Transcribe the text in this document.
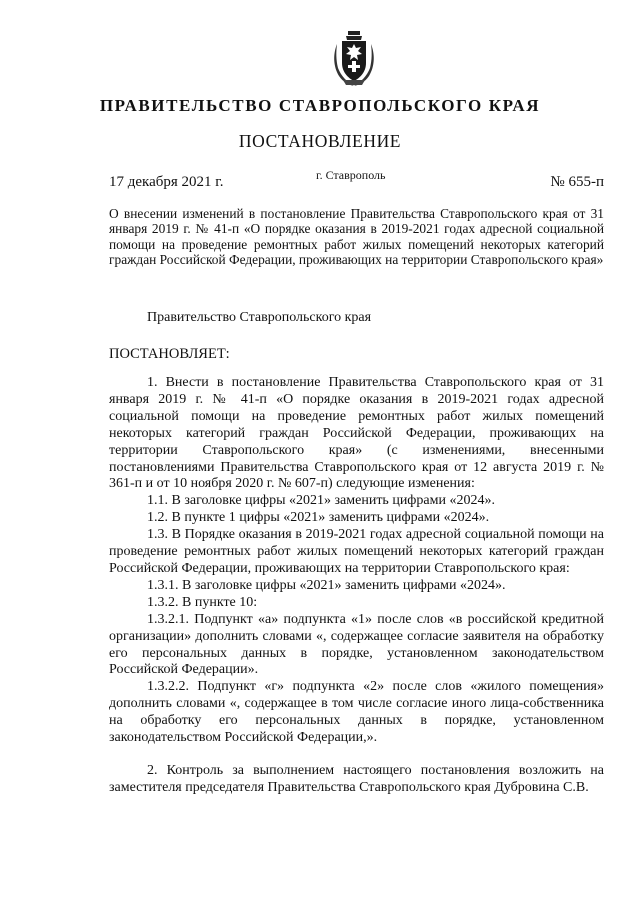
ПРАВИТЕЛЬСТВО СТАВРОПОЛЬСКОГО КРАЯ
ПОСТАНОВЛЕНИЕ
17 декабря 2021 г.	г. Ставрополь	№ 655-п
О внесении изменений в постановление Правительства Ставропольского края от 31 января 2019 г. № 41-п «О порядке оказания в 2019-2021 годах адресной социальной помощи на проведение ремонтных работ жилых помещений некоторых категорий граждан Российской Федерации, проживающих на территории Ставропольского края»
Правительство Ставропольского края
ПОСТАНОВЛЯЕТ:

1. Внести в постановление Правительства Ставропольского края от 31 января 2019 г. № 41-п «О порядке оказания в 2019-2021 годах адресной социальной помощи на проведение ремонтных работ жилых помещений некоторых категорий граждан Российской Федерации, проживающих на территории Ставропольского края» (с изменениями, внесенными постановлениями Правительства Ставропольского края от 12 августа 2019 г. № 361-п и от 10 ноября 2020 г. № 607-п) следующие изменения:

1.1. В заголовке цифры «2021» заменить цифрами «2024».

1.2. В пункте 1 цифры «2021» заменить цифрами «2024».

1.3. В Порядке оказания в 2019-2021 годах адресной социальной помощи на проведение ремонтных работ жилых помещений некоторых категорий граждан Российской Федерации, проживающих на территории Ставропольского края:

1.3.1. В заголовке цифры «2021» заменить цифрами «2024».

1.3.2. В пункте 10:

1.3.2.1. Подпункт «а» подпункта «1» после слов «в российской кредитной организации» дополнить словами «, содержащее согласие заявителя на обработку его персональных данных в порядке, установленном законодательством Российской Федерации».

1.3.2.2. Подпункт «г» подпункта «2» после слов «жилого помещения» дополнить словами «, содержащее в том числе согласие иного лица-собственника на обработку его персональных данных в порядке, установленном законодательством Российской Федерации,».

2. Контроль за выполнением настоящего постановления возложить на заместителя председателя Правительства Ставропольского края Дубровина С.В.
